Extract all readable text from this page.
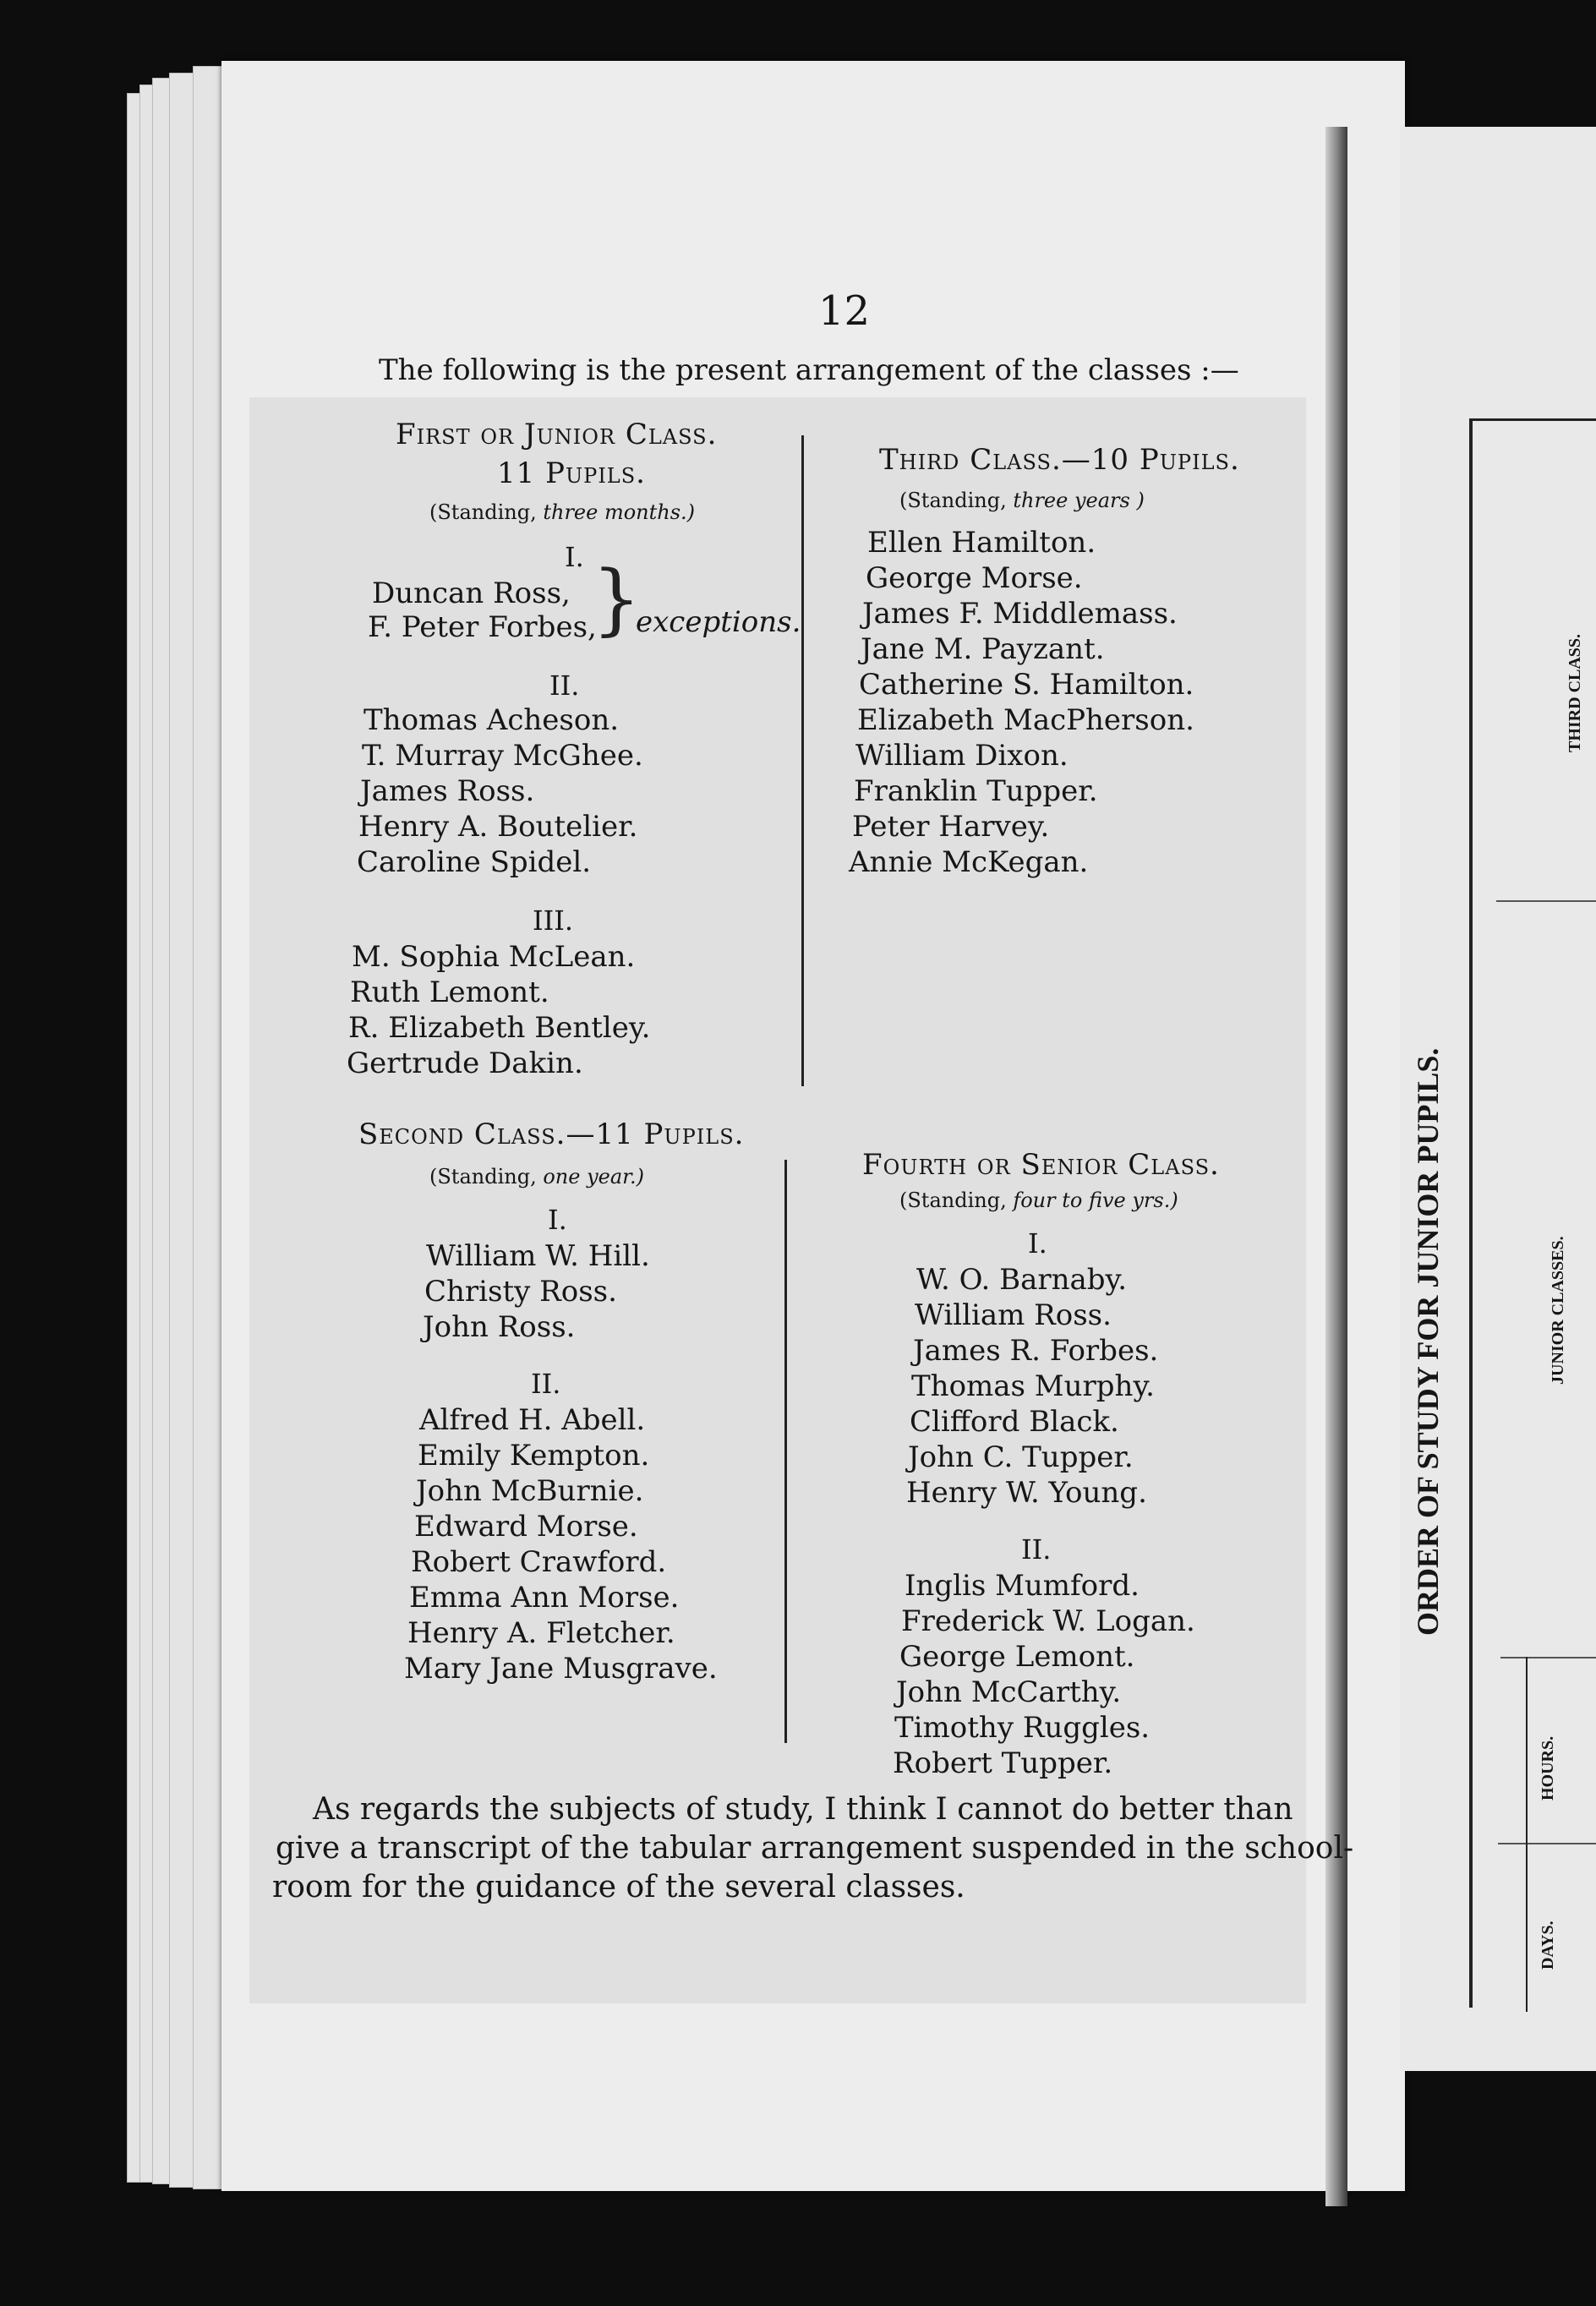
12
The following is the present arrangement of the classes :—
First or Junior Class.
11 Pupils.
(Standing, three months.)
I.
Duncan Ross,
F. Peter Forbes,
}
exceptions.
II.
Thomas Acheson.
T. Murray McGhee.
James Ross.
Henry A. Boutelier.
Caroline Spidel.
III.
M. Sophia McLean.
Ruth Lemont.
R. Elizabeth Bentley.
Gertrude Dakin.
Third Class.—10 Pupils.
(Standing, three years )
Ellen Hamilton.
George Morse.
James F. Middlemass.
Jane M. Payzant.
Catherine S. Hamilton.
Elizabeth MacPherson.
William Dixon.
Franklin Tupper.
Peter Harvey.
Annie McKegan.
Second Class.—11 Pupils.
(Standing, one year.)
I.
William W. Hill.
Christy Ross.
John Ross.
II.
Alfred H. Abell.
Emily Kempton.
John McBurnie.
Edward Morse.
Robert Crawford.
Emma Ann Morse.
Henry A. Fletcher.
Mary Jane Musgrave.
Fourth or Senior Class.
(Standing, four to five yrs.)
I.
W. O. Barnaby.
William Ross.
James R. Forbes.
Thomas Murphy.
Clifford Black.
John C. Tupper.
Henry W. Young.
II.
Inglis Mumford.
Frederick W. Logan.
George Lemont.
John McCarthy.
Timothy Ruggles.
Robert Tupper.
As regards the subjects of study, I think I cannot do better than
give a transcript of the tabular arrangement suspended in the school-
room for the guidance of the several classes.
ORDER OF STUDY FOR JUNIOR PUPILS.
THIRD CLASS.
JUNIOR CLASSES.
HOURS.
DAYS.
